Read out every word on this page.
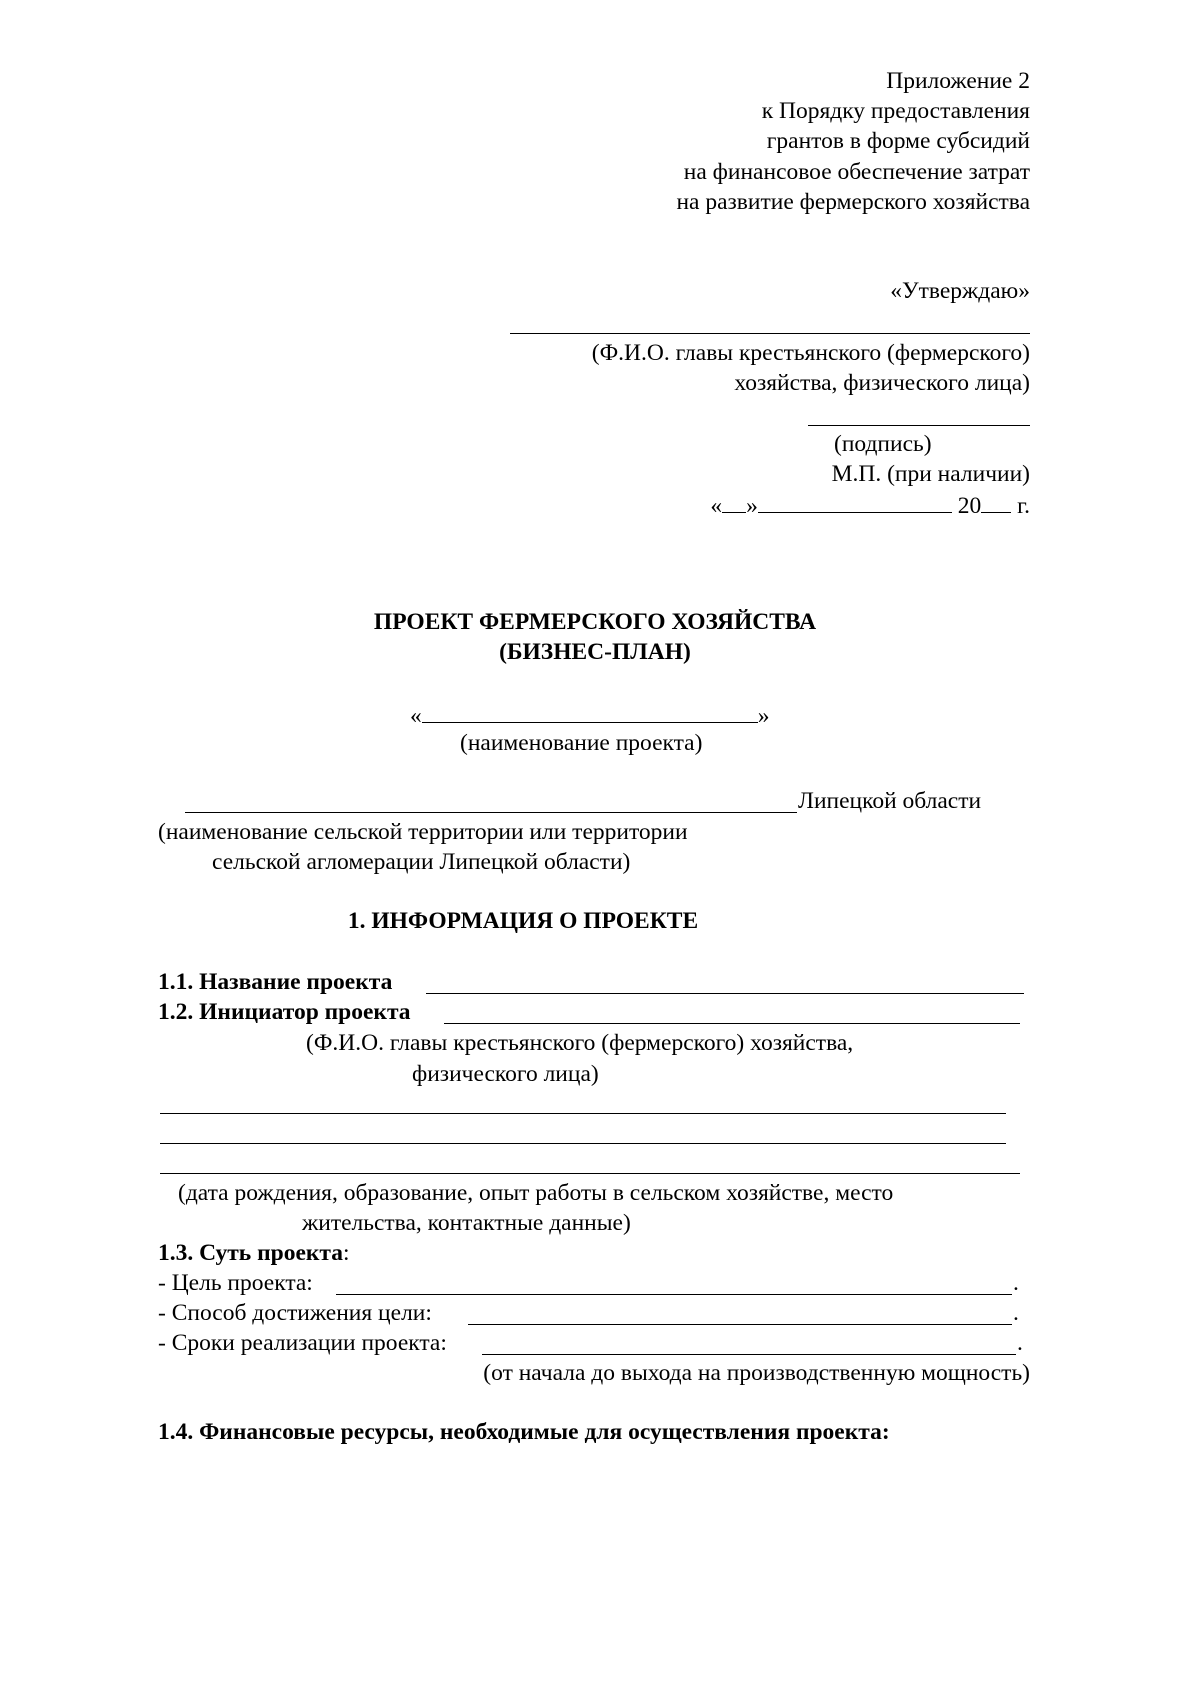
Приложение 2
к Порядку предоставления
грантов в форме субсидий
на финансовое обеспечение затрат
на развитие фермерского хозяйства
«Утверждаю»
(Ф.И.О. главы крестьянского (фермерского)
хозяйства, физического лица)
(подпись)
М.П. (при наличии)
« »	20 г.
ПРОЕКТ ФЕРМЕРСКОГО ХОЗЯЙСТВА
(БИЗНЕС-ПЛАН)
«	»
(наименование проекта)
Липецкой области
(наименование сельской территории или территории
сельской агломерации Липецкой области)
1. ИНФОРМАЦИЯ О ПРОЕКТЕ
1.1. Название проекта
1.2. Инициатор проекта
(Ф.И.О. главы крестьянского (фермерского) хозяйства,
физического лица)
(дата рождения, образование, опыт работы в сельском хозяйстве, место
жительства, контактные данные)
1.3. Суть проекта:
- Цель проекта:	.
- Способ достижения цели:	.
- Сроки реализации проекта:	.
(от начала до выхода на производственную мощность)
1.4. Финансовые ресурсы, необходимые для осуществления проекта:
